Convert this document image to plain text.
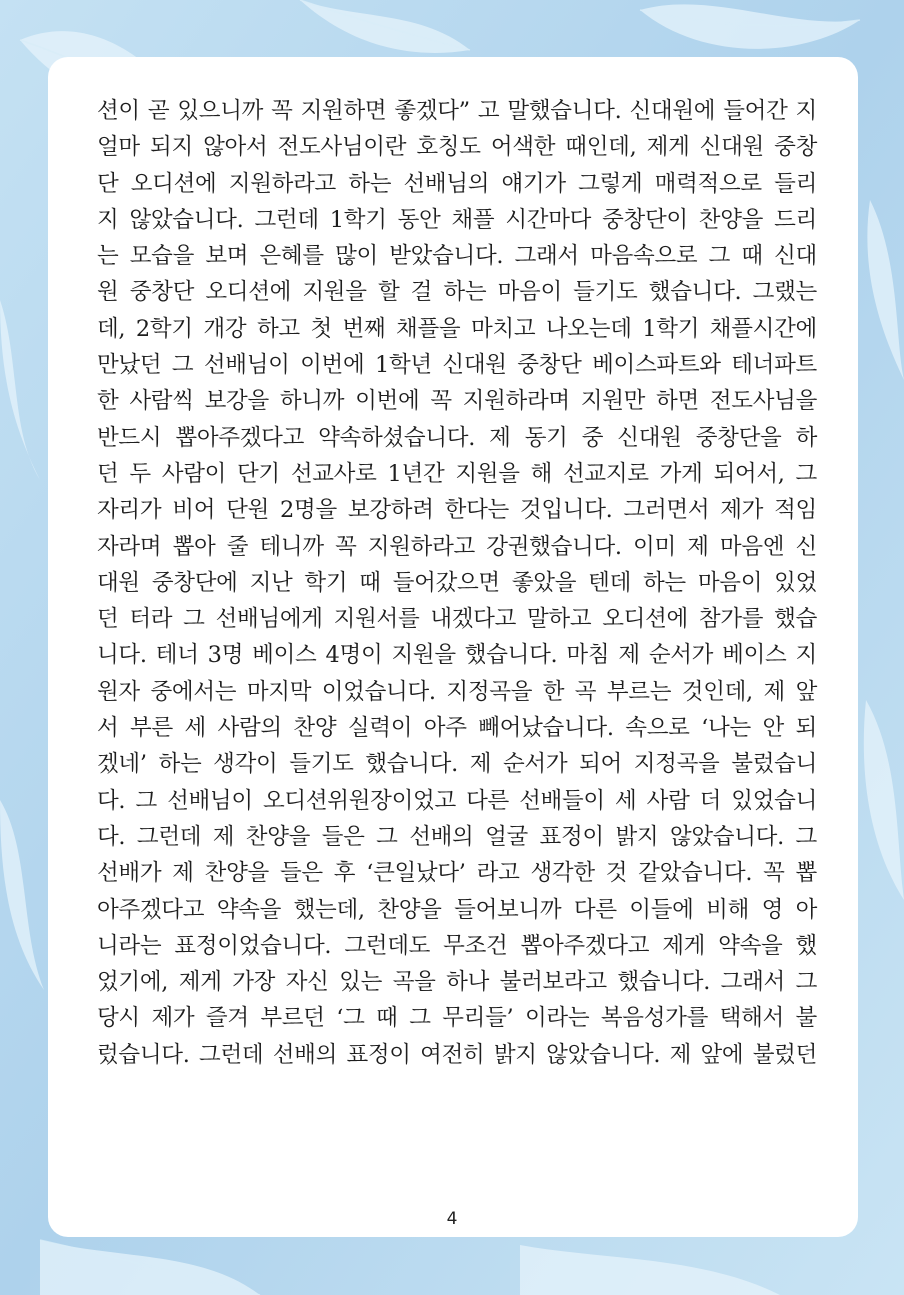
션이 곧 있으니까 꼭 지원하면 좋겠다” 고 말했습니다. 신대원에 들어간 지
얼마 되지 않아서 전도사님이란 호칭도 어색한 때인데, 제게 신대원 중창
단 오디션에 지원하라고 하는 선배님의 얘기가 그렇게 매력적으로 들리
지 않았습니다. 그런데 1학기 동안 채플 시간마다 중창단이 찬양을 드리
는 모습을 보며 은혜를 많이 받았습니다. 그래서 마음속으로 그 때 신대
원 중창단 오디션에 지원을 할 걸 하는 마음이 들기도 했습니다. 그랬는
데, 2학기 개강 하고 첫 번째 채플을 마치고 나오는데 1학기 채플시간에
만났던 그 선배님이 이번에 1학년 신대원 중창단 베이스파트와 테너파트
한 사람씩 보강을 하니까 이번에 꼭 지원하라며 지원만 하면 전도사님을
반드시 뽑아주겠다고 약속하셨습니다. 제 동기 중 신대원 중창단을 하
던 두 사람이 단기 선교사로 1년간 지원을 해 선교지로 가게 되어서, 그
자리가 비어 단원 2명을 보강하려 한다는 것입니다. 그러면서 제가 적임
자라며 뽑아 줄 테니까 꼭 지원하라고 강권했습니다. 이미 제 마음엔 신
대원 중창단에 지난 학기 때 들어갔으면 좋았을 텐데 하는 마음이 있었
던 터라 그 선배님에게 지원서를 내겠다고 말하고 오디션에 참가를 했습
니다. 테너 3명 베이스 4명이 지원을 했습니다. 마침 제 순서가 베이스 지
원자 중에서는 마지막 이었습니다. 지정곡을 한 곡 부르는 것인데, 제 앞
서 부른 세 사람의 찬양 실력이 아주 빼어났습니다. 속으로 ‘나는 안 되
겠네’ 하는 생각이 들기도 했습니다. 제 순서가 되어 지정곡을 불렀습니
다. 그 선배님이 오디션위원장이었고 다른 선배들이 세 사람 더 있었습니
다. 그런데 제 찬양을 들은 그 선배의 얼굴 표정이 밝지 않았습니다. 그
선배가 제 찬양을 들은 후 ‘큰일났다’ 라고 생각한 것 같았습니다. 꼭 뽑
아주겠다고 약속을 했는데, 찬양을 들어보니까 다른 이들에 비해 영 아
니라는 표정이었습니다. 그런데도 무조건 뽑아주겠다고 제게 약속을 했
었기에, 제게 가장 자신 있는 곡을 하나 불러보라고 했습니다. 그래서 그
당시 제가 즐겨 부르던 ‘그 때 그 무리들’ 이라는 복음성가를 택해서 불
렀습니다. 그런데 선배의 표정이 여전히 밝지 않았습니다. 제 앞에 불렀던
4
